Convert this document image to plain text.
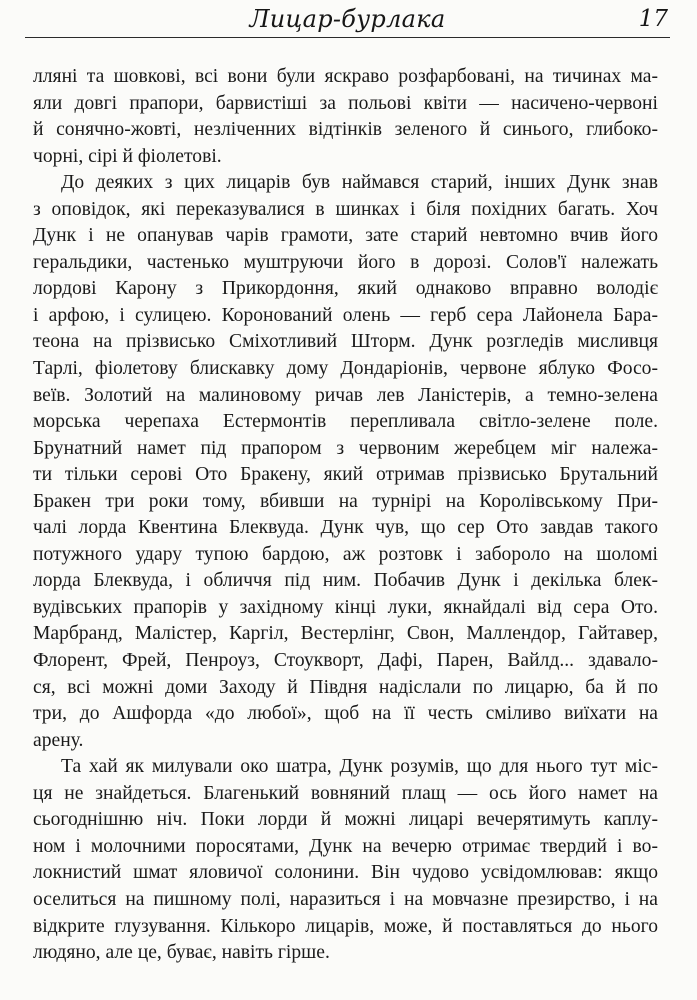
Лицар-бурлака	17
лляні та шовкові, всі вони були яскраво розфарбовані, на тичинах ма-
яли довгі прапори, барвистіші за польові квіти — насичено-червоні
й сонячно-жовті, незліченних відтінків зеленого й синього, глибоко-
чорні, сірі й фіолетові.
До деяких з цих лицарів був наймався старий, інших Дунк знав
з оповідок, які переказувалися в шинках і біля похідних багать. Хоч
Дунк і не опанував чарів грамоти, зате старий невтомно вчив його
геральдики, частенько муштруючи його в дорозі. Солов'ї належать
лордові Карону з Прикордоння, який однаково вправно володіє
і арфою, і сулицею. Коронований олень — герб сера Лайонела Бара-
теона на прізвисько Сміхотливий Шторм. Дунк розгледів мисливця
Тарлі, фіолетову блискавку дому Дондаріонів, червоне яблуко Фосо-
веїв. Золотий на малиновому ричав лев Ланістерів, а темно-зелена
морська черепаха Естермонтів перепливала світло-зелене поле.
Брунатний намет під прапором з червоним жеребцем міг належа-
ти тільки серові Ото Бракену, який отримав прізвисько Брутальний
Бракен три роки тому, вбивши на турнірі на Королівському При-
чалі лорда Квентина Блеквуда. Дунк чув, що сер Ото завдав такого
потужного удару тупою бардою, аж розтовк і заборолo на шоломі
лорда Блеквуда, і обличчя під ним. Побачив Дунк і декілька блек-
вудівських прапорів у західному кінці луки, якнайдалі від сера Ото.
Марбранд, Малістер, Каргіл, Вестерлінг, Свон, Маллендор, Гайтавер,
Флорент, Фрей, Пенроуз, Стоукворт, Дафі, Парен, Вайлд... здавало-
ся, всі можні доми Заходу й Півдня надіслали по лицарю, ба й по
три, до Ашфорда «до любої», щоб на її честь сміливо виїхати на
арену.
Та хай як милували око шатра, Дунк розумів, що для нього тут міс-
ця не знайдеться. Благенький вовняний плащ — ось його намет на
сьогоднішню ніч. Поки лорди й можні лицарі вечерятимуть каплу-
ном і молочними поросятами, Дунк на вечерю отримає твердий і во-
локнистий шмат яловичої солонини. Він чудово усвідомлював: якщо
оселиться на пишному полі, наразиться і на мовчазне презирство, і на
відкрите глузування. Кількоро лицарів, може, й поставляться до нього
людяно, але це, буває, навіть гірше.
